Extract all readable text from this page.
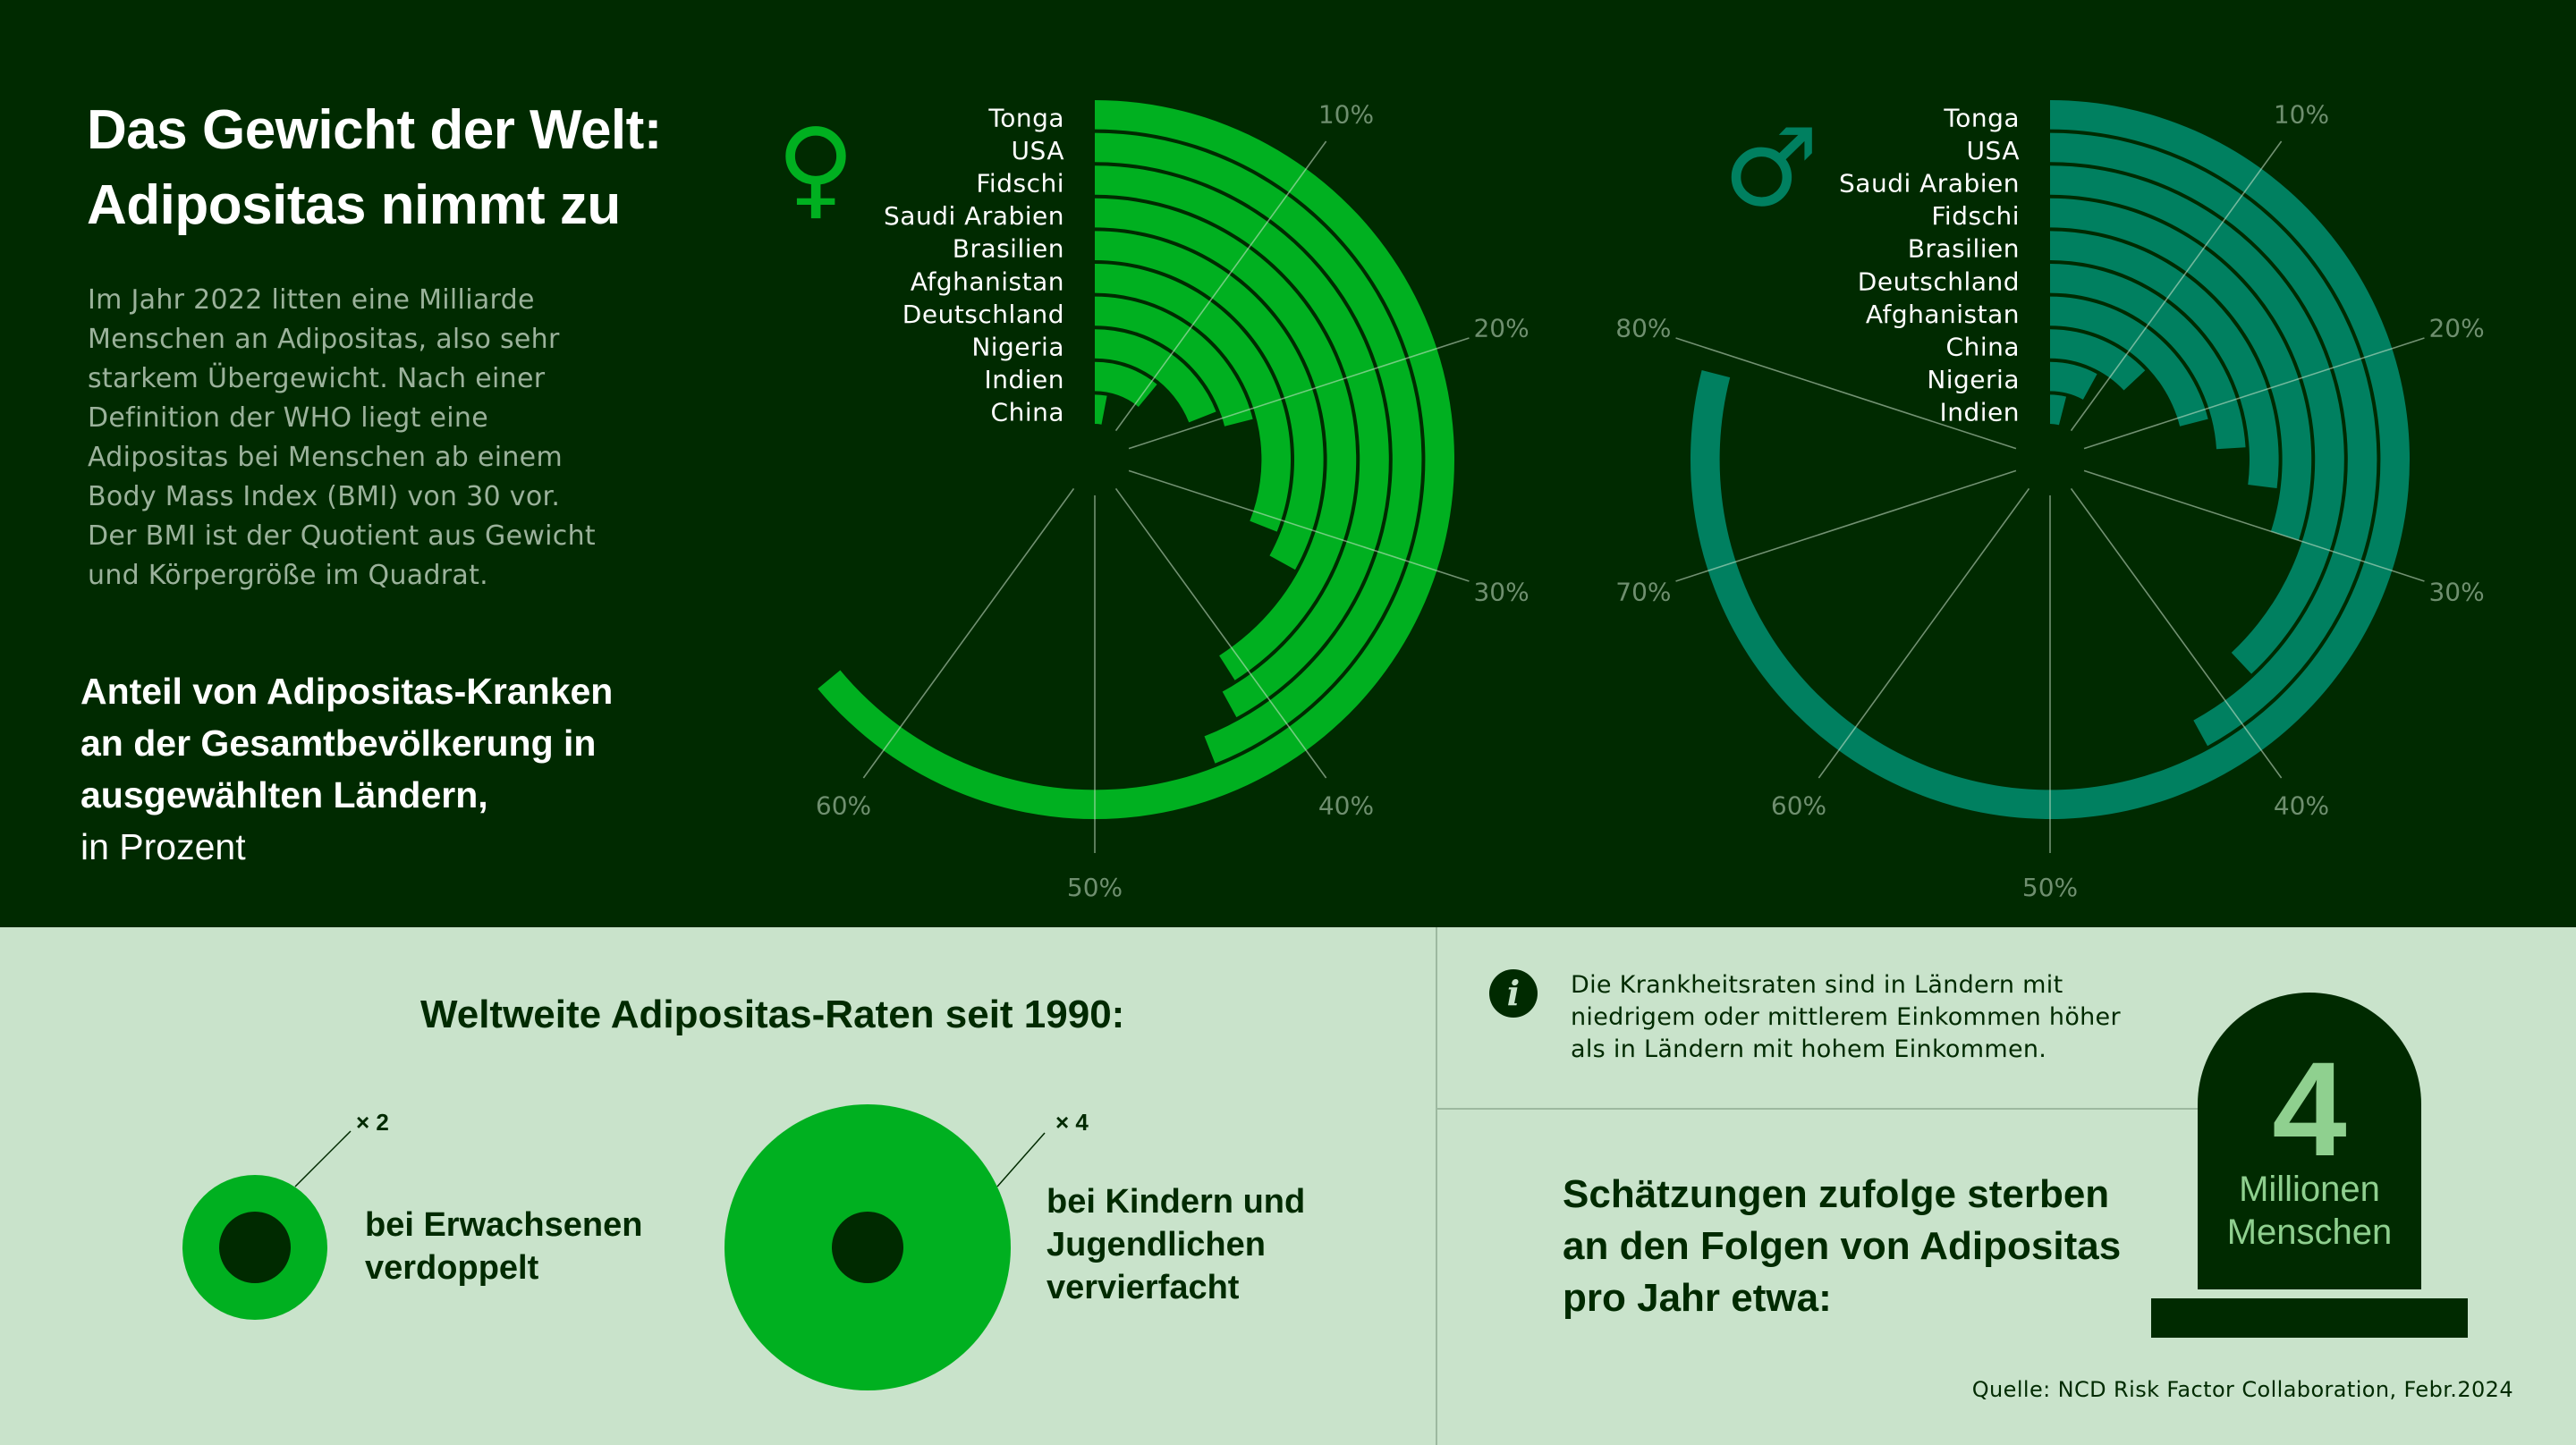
Das Gewicht der Welt:
Adipositas nimmt zu
Im Jahr 2022 litten eine Milliarde
Menschen an Adipositas, also sehr
starkem Übergewicht. Nach einer
Definition der WHO liegt eine
Adipositas bei Menschen ab einem
Body Mass Index (BMI) von 30 vor.
Der BMI ist der Quotient aus Gewicht
und Körpergröße im Quadrat.
Anteil von Adipositas-Kranken
an der Gesamtbevölkerung in
ausgewählten Ländern,
in Prozent
10%
20%
30%
40%
50%
60%
Tonga
USA
Fidschi
Saudi Arabien
Brasilien
Afghanistan
Deutschland
Nigeria
Indien
China
♀	10%
20%
30%
40%
50%
60%
70%
80%
Tonga
USA
Saudi Arabien
Fidschi
Brasilien
Deutschland
Afghanistan
China
Nigeria
Indien
♂
Weltweite Adipositas-Raten seit 1990:
× 2
bei Erwachsenen
verdoppelt
× 4
bei Kindern und
Jugendlichen
vervierfacht
i	Die Krankheitsraten sind in Ländern mit
niedrigem oder mittlerem Einkommen höher
als in Ländern mit hohem Einkommen.
Schätzungen zufolge sterben
an den Folgen von Adipositas
pro Jahr etwa:
4
Millionen
Menschen
Quelle: NCD Risk Factor Collaboration, Febr.2024
